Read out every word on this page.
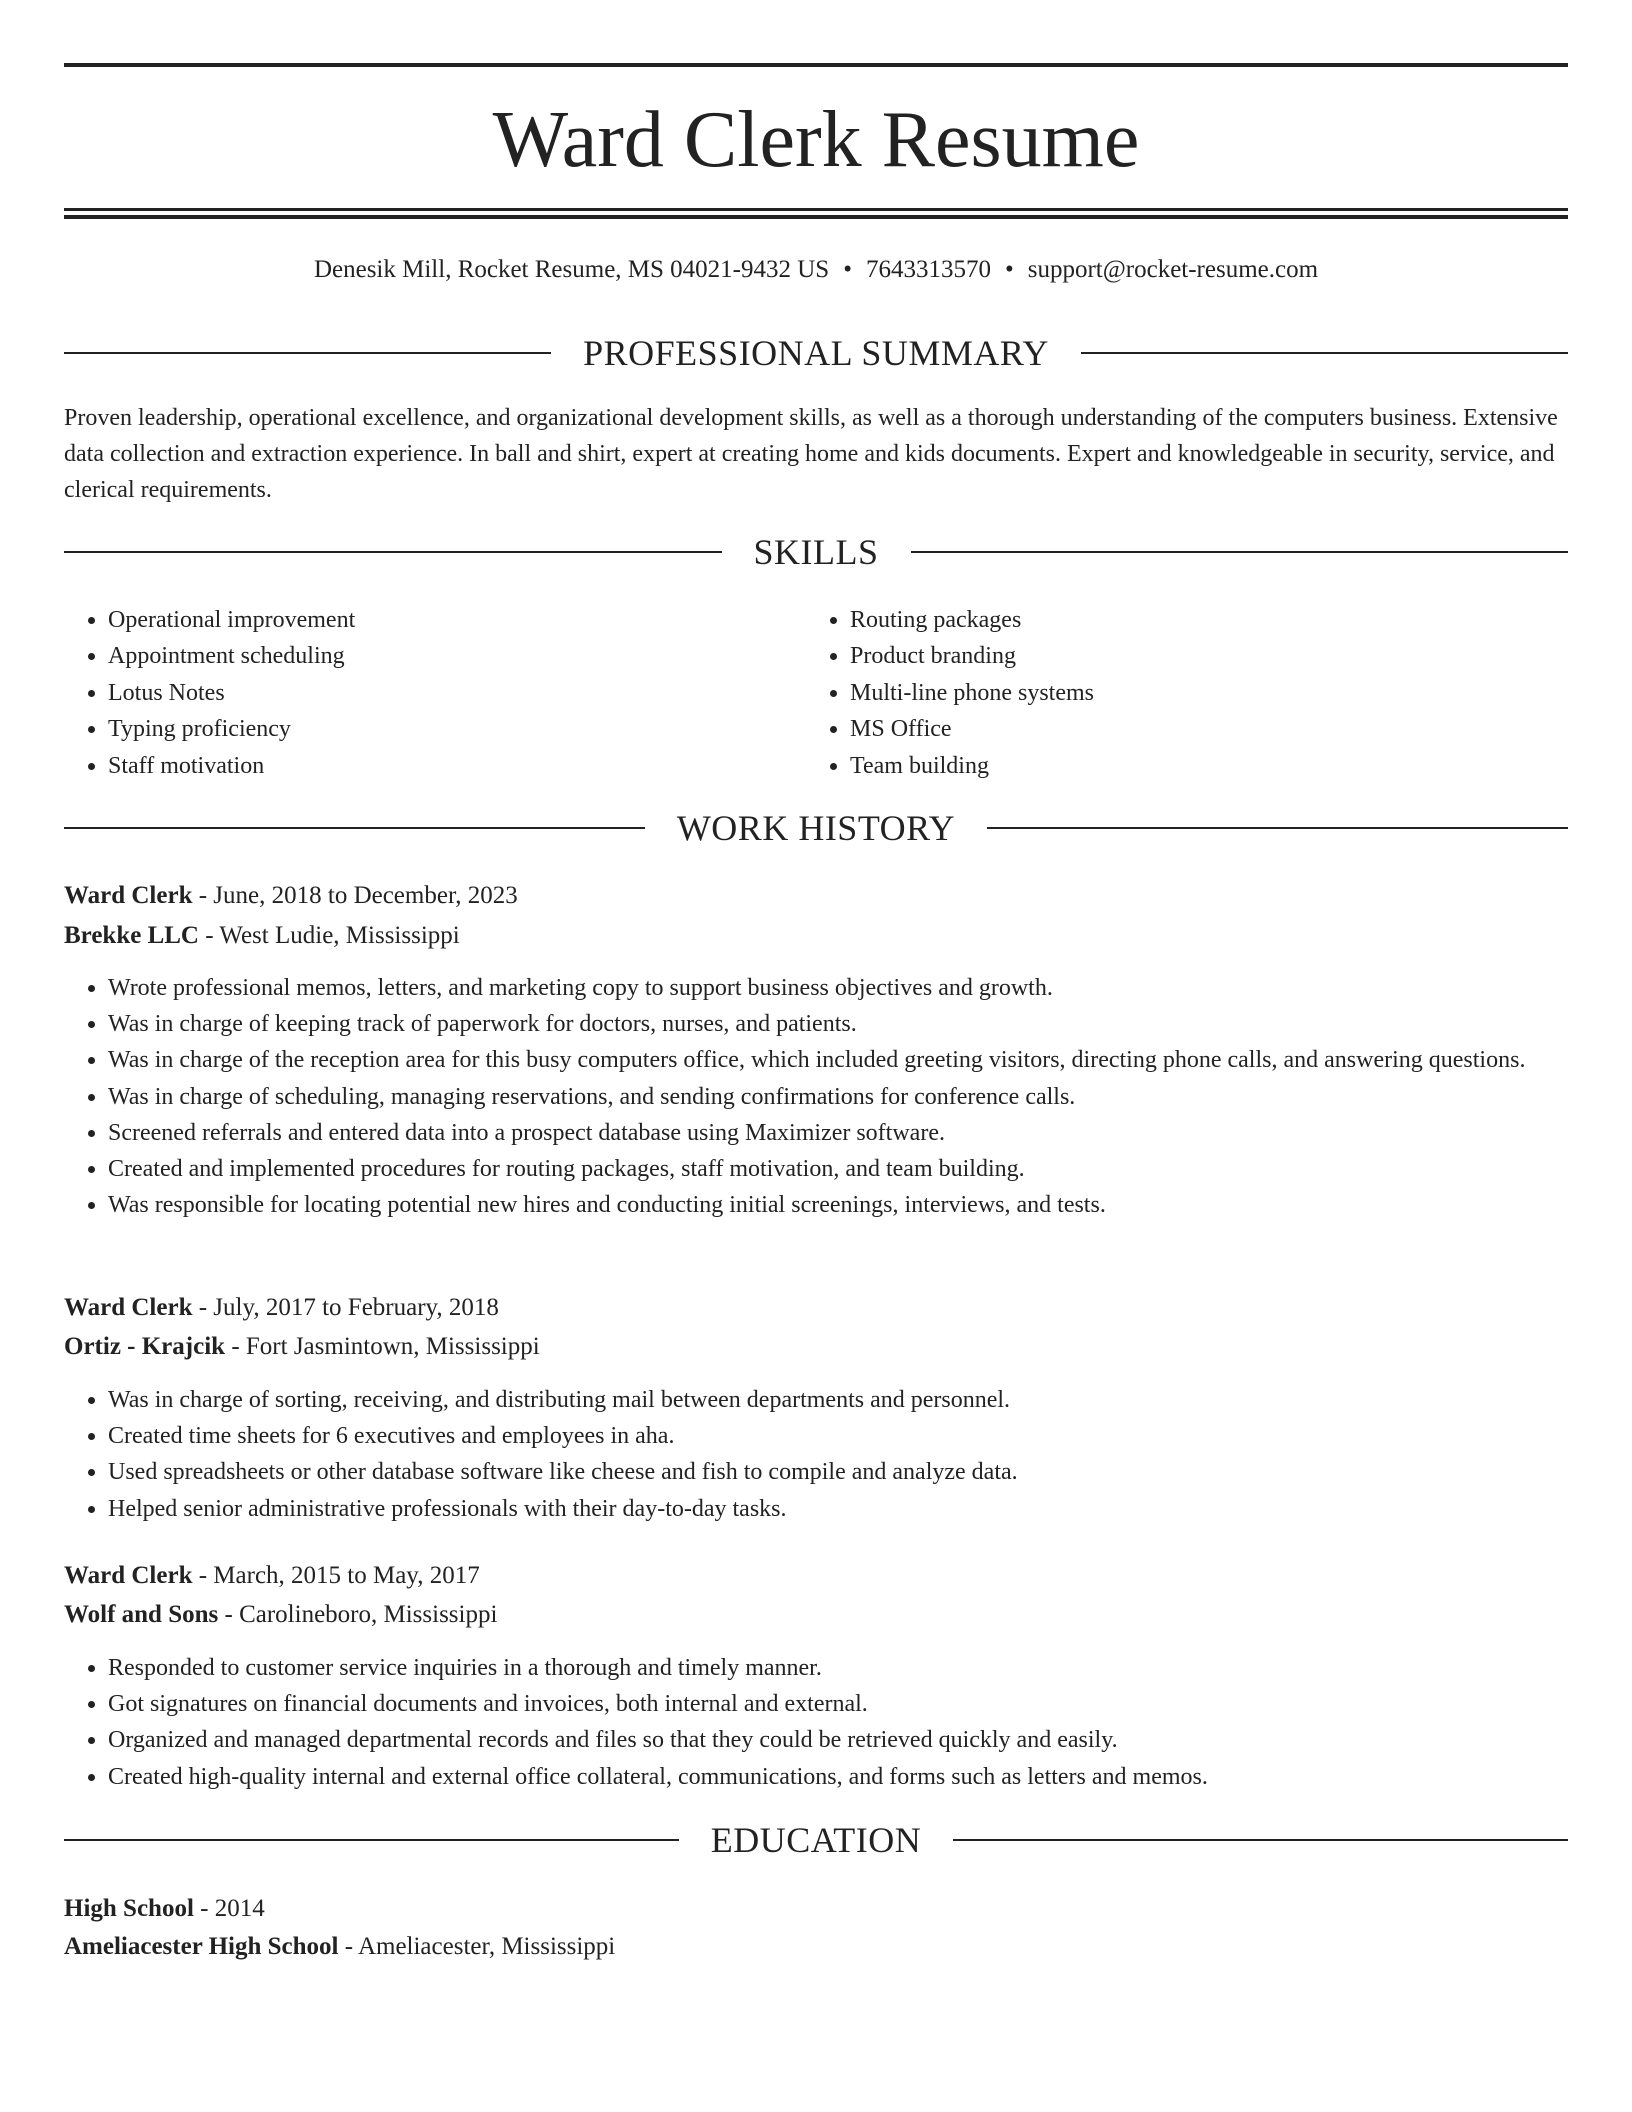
Ward Clerk Resume
Denesik Mill, Rocket Resume, MS 04021-9432 US • 7643313570 • support@rocket-resume.com
PROFESSIONAL SUMMARY

Proven leadership, operational excellence, and organizational development skills, as well as a thorough understanding of the computers business. Extensive data collection and extraction experience. In ball and shirt, expert at creating home and kids documents. Expert and knowledgeable in security, service, and clerical requirements.

SKILLS
• Operational improvement
• Appointment scheduling
• Lotus Notes
• Typing proficiency
• Staff motivation
• Routing packages
• Product branding
• Multi-line phone systems
• MS Office
• Team building
WORK HISTORY
Ward Clerk - June, 2018 to December, 2023
Brekke LLC - West Ludie, Mississippi
• Wrote professional memos, letters, and marketing copy to support business objectives and growth.
• Was in charge of keeping track of paperwork for doctors, nurses, and patients.
• Was in charge of the reception area for this busy computers office, which included greeting visitors, directing phone calls, and answering questions.
• Was in charge of scheduling, managing reservations, and sending confirmations for conference calls.
• Screened referrals and entered data into a prospect database using Maximizer software.
• Created and implemented procedures for routing packages, staff motivation, and team building.
• Was responsible for locating potential new hires and conducting initial screenings, interviews, and tests.
Ward Clerk - July, 2017 to February, 2018
Ortiz - Krajcik - Fort Jasmintown, Mississippi
• Was in charge of sorting, receiving, and distributing mail between departments and personnel.
• Created time sheets for 6 executives and employees in aha.
• Used spreadsheets or other database software like cheese and fish to compile and analyze data.
• Helped senior administrative professionals with their day-to-day tasks.
Ward Clerk - March, 2015 to May, 2017
Wolf and Sons - Carolineboro, Mississippi
• Responded to customer service inquiries in a thorough and timely manner.
• Got signatures on financial documents and invoices, both internal and external.
• Organized and managed departmental records and files so that they could be retrieved quickly and easily.
• Created high-quality internal and external office collateral, communications, and forms such as letters and memos.
EDUCATION
High School - 2014
Ameliacester High School - Ameliacester, Mississippi
